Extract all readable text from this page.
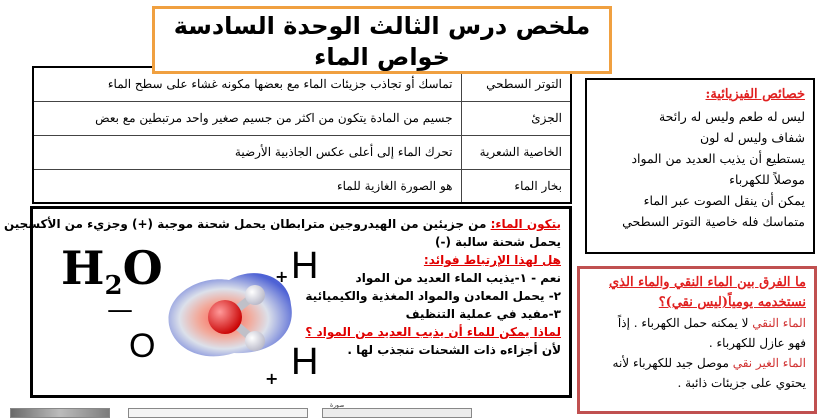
ملخص درس الثالث الوحدة السادسة
خواص الماء
التوتر السطحي	تماسك أو تجاذب جزيئات الماء مع بعضها مكونه غشاء على سطح الماء
الجزئ	جسيم من المادة يتكون من اكثر من جسيم صغير واحد مرتبطين مع بعض
الخاصية الشعرية	تحرك الماء إلى أعلى عكس الجاذبية الأرضية
بخار الماء	هو الصورة الغازية للماء
خصائص الفيزيائية:
ليس له طعم وليس له رائحة
شفاف وليس له لون
يستطيع أن يذيب العديد من المواد
موصلاً للكهرباء
يمكن أن ينقل الصوت عبر الماء
متماسك فله خاصية التوتر السطحي
$H_2O$	+ H
—
O
+ H
يتكون الماء: من جزيئين من الهيدروجين مترابطان يحمل شحنة موجبة (+) وجزيء من الأكسجين
يحمل شحنة سالبة (-)
هل لهذا الإرتباط فوائد:
نعم - ١-يذيب الماء العديد من المواد
٢- يحمل المعادن والمواد المغذية والكيميائية
٣-مفيد في عملية التنظيف
لماذا يمكن للماء أن يذيب العديد من المواد ؟
لأن أجزاءه ذات الشحنات تنجذب لها .
ما الفرق بين الماء النقي والماء الذي
نستخدمه يومياً(ليس نقي)؟
الماء النقي لا يمكنه حمل الكهرباء . إذاً
فهو عازل للكهرباء .
الماء الغير نقي موصل جيد للكهرباء لأنه
يحتوي على جزيئات ذائبة .
صورة
